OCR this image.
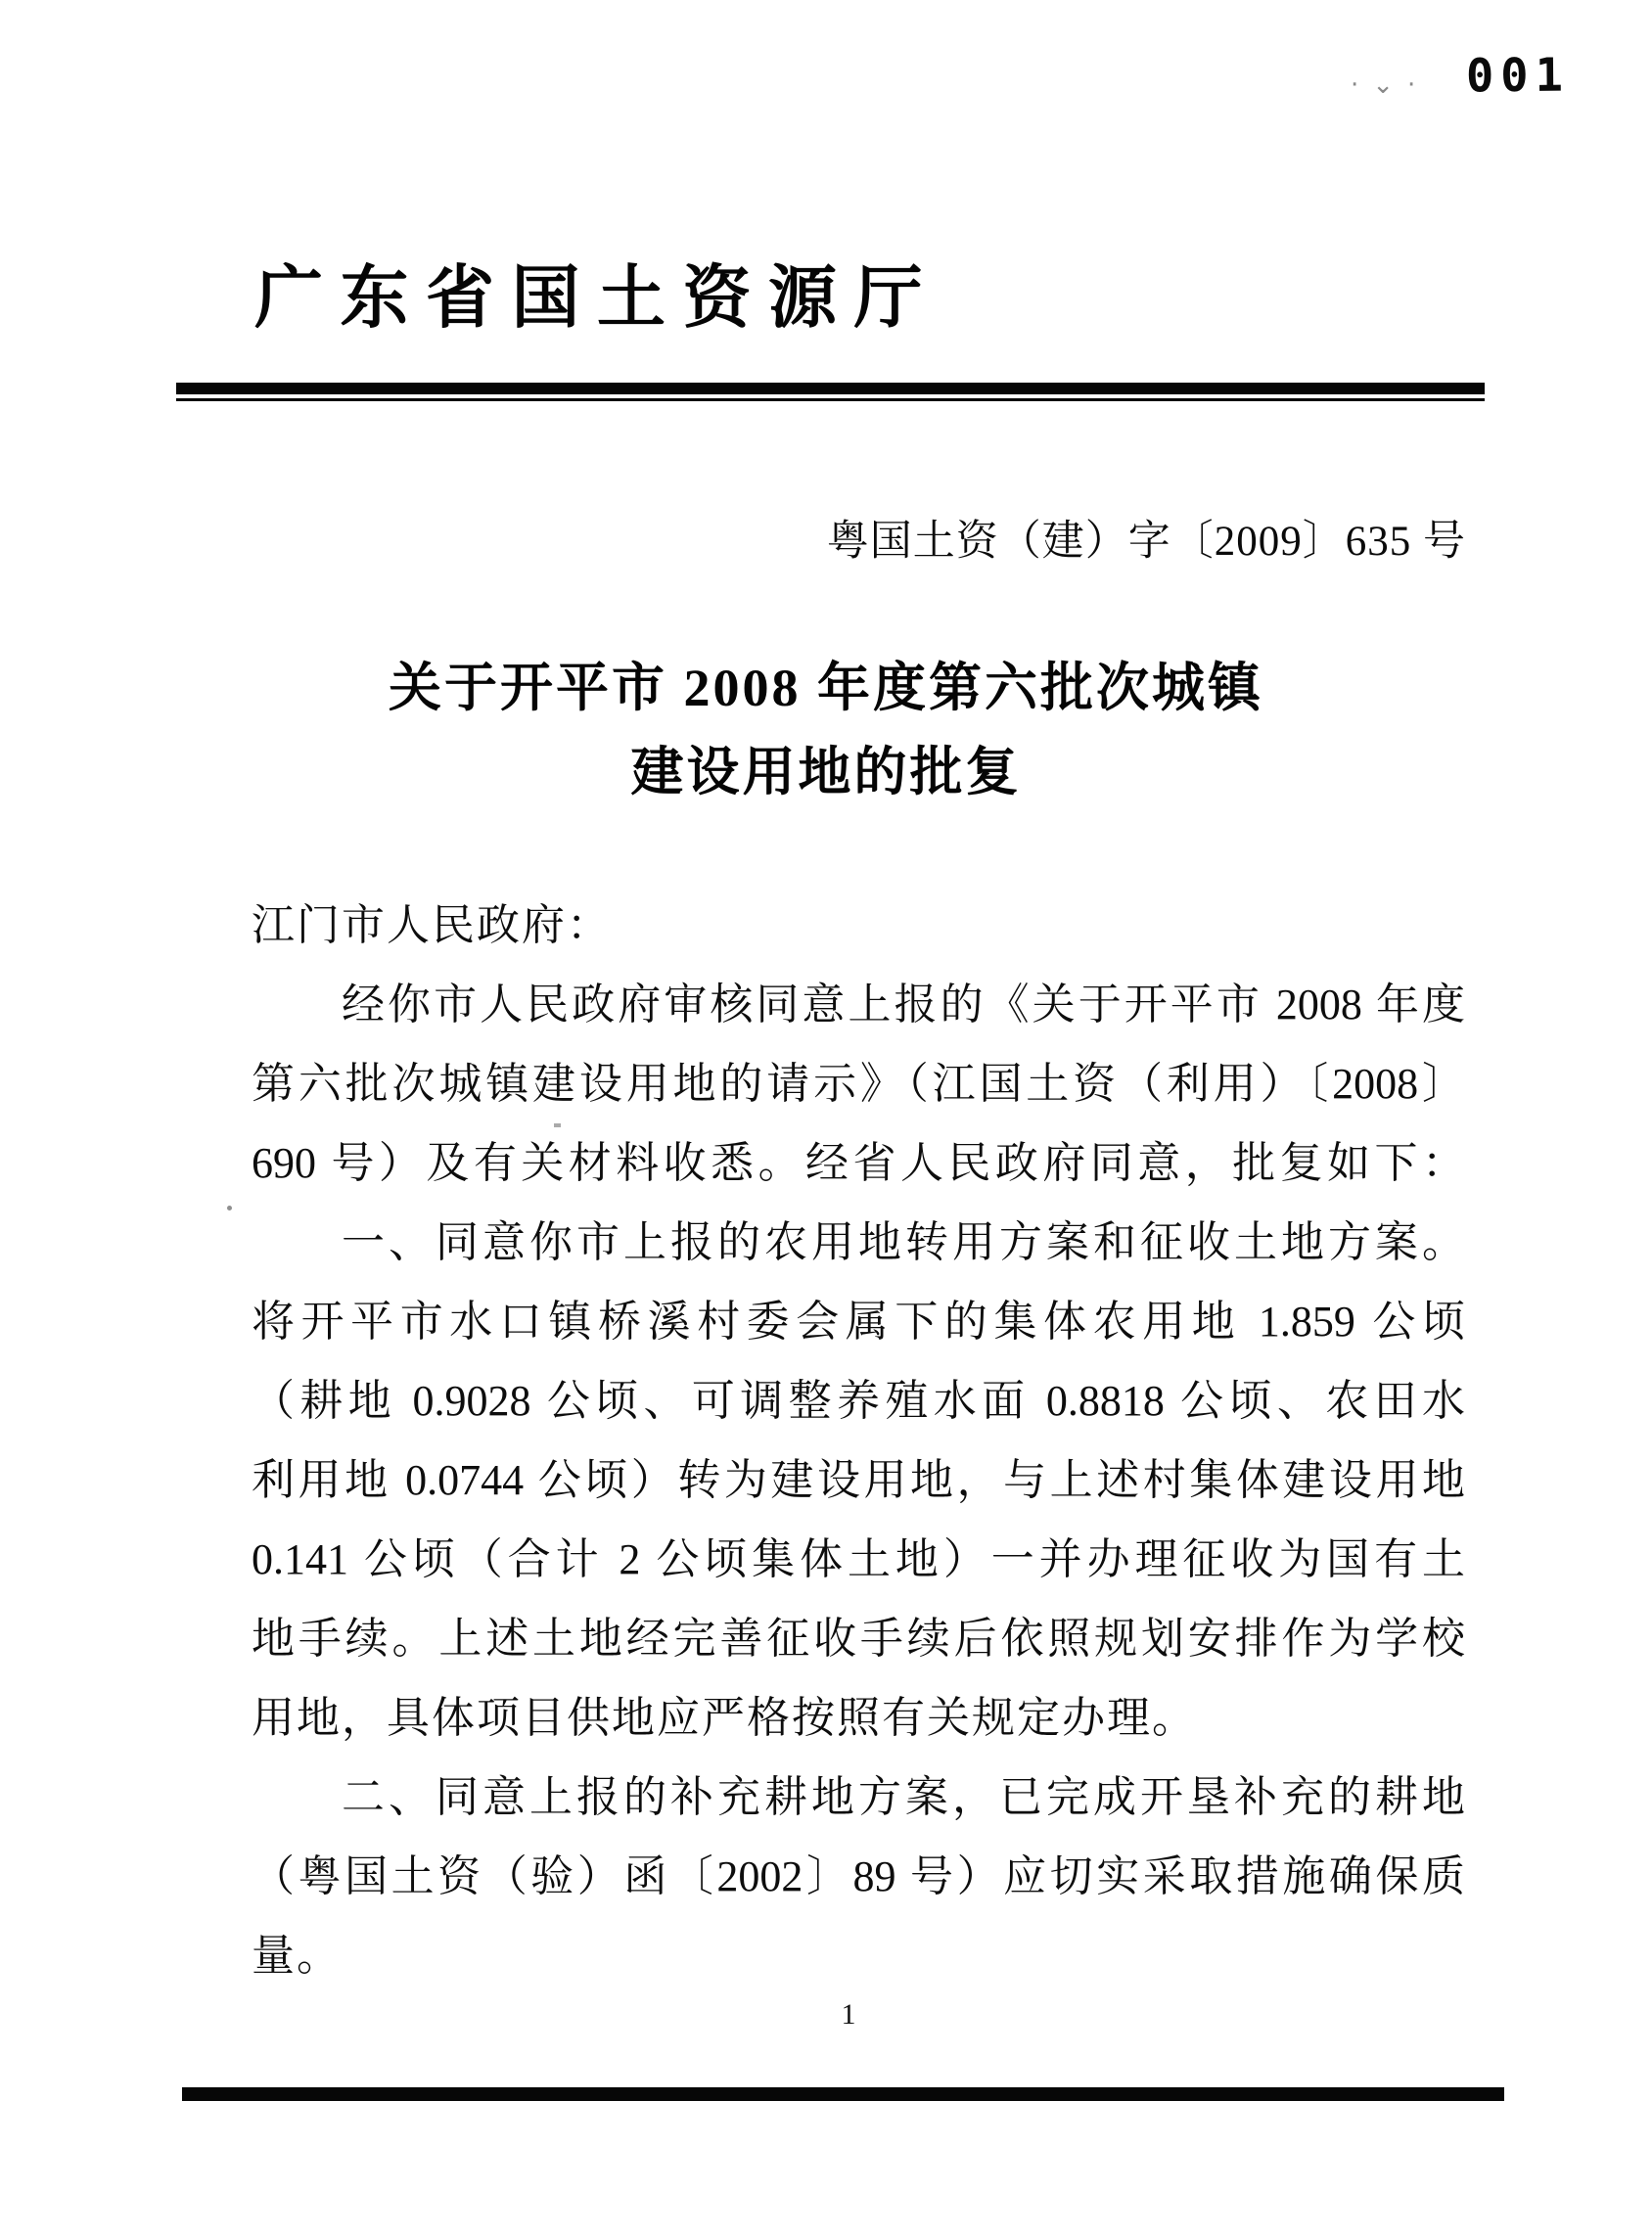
·⌄· 001
广 东 省 国 土 资 源 厅
粤国土资（建）字〔2009〕635 号
关于开平市 2008 年度第六批次城镇
建设用地的批复
江门市人民政府：
经你市人民政府审核同意上报的《关于开平市 2008 年度
第六批次城镇建设用地的请示》（江国土资（利用）〔2008〕
690 号）及有关材料收悉。经省人民政府同意，批复如下：
一、同意你市上报的农用地转用方案和征收土地方案。
将开平市水口镇桥溪村委会属下的集体农用地 1.859 公顷
（耕地 0.9028 公顷、可调整养殖水面 0.8818 公顷、农田水
利用地 0.0744 公顷）转为建设用地，与上述村集体建设用地
0.141 公顷（合计 2 公顷集体土地）一并办理征收为国有土
地手续。上述土地经完善征收手续后依照规划安排作为学校
用地，具体项目供地应严格按照有关规定办理。
二、同意上报的补充耕地方案，已完成开垦补充的耕地
（粤国土资（验）函〔2002〕89 号）应切实采取措施确保质
量。
1
